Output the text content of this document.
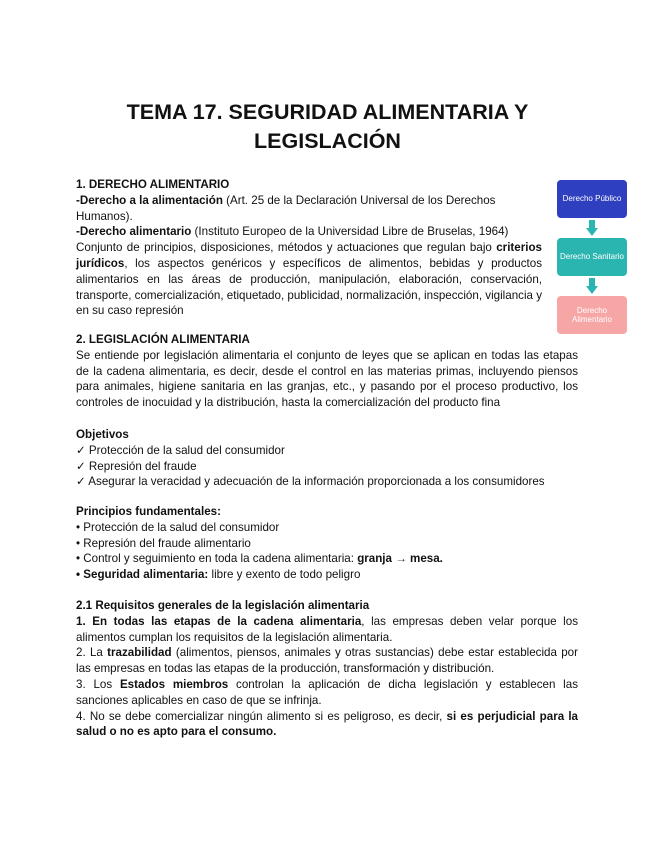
TEMA 17. SEGURIDAD ALIMENTARIA Y
LEGISLACIÓN

1. DERECHO ALIMENTARIO

-Derecho a la alimentación (Art. 25 de la Declaración Universal de los Derechos Humanos).

-Derecho alimentario (Instituto Europeo de la Universidad Libre de Bruselas, 1964)

Conjunto de principios, disposiciones, métodos y actuaciones que regulan bajo criterios jurídicos, los aspectos genéricos y específicos de alimentos, bebidas y productos alimentarios en las áreas de producción, manipulación, elaboración, conservación, transporte, comercialización, etiquetado, publicidad, normalización, inspección, vigilancia y en su caso represión

Derecho Público
Derecho Sanitario
Derecho Alimentario

2. LEGISLACIÓN ALIMENTARIA

Se entiende por legislación alimentaria el conjunto de leyes que se aplican en todas las etapas de la cadena alimentaria, es decir, desde el control en las materias primas, incluyendo piensos para animales, higiene sanitaria en las granjas, etc., y pasando por el proceso productivo, los controles de inocuidad y la distribución, hasta la comercialización del producto fina

Objetivos

✓ Protección de la salud del consumidor
✓ Represión del fraude
✓ Asegurar la veracidad y adecuación de la información proporcionada a los consumidores

Principios fundamentales:

• Protección de la salud del consumidor
• Represión del fraude alimentario
• Control y seguimiento en toda la cadena alimentaria: granja → mesa.
• Seguridad alimentaria: libre y exento de todo peligro

2.1 Requisitos generales de la legislación alimentaria

1. En todas las etapas de la cadena alimentaria, las empresas deben velar porque los alimentos cumplan los requisitos de la legislación alimentaria.

2. La trazabilidad (alimentos, piensos, animales y otras sustancias) debe estar establecida por las empresas en todas las etapas de la producción, transformación y distribución.

3. Los Estados miembros controlan la aplicación de dicha legislación y establecen las sanciones aplicables en caso de que se infrinja.

4. No se debe comercializar ningún alimento si es peligroso, es decir, si es perjudicial para la salud o no es apto para el consumo.
